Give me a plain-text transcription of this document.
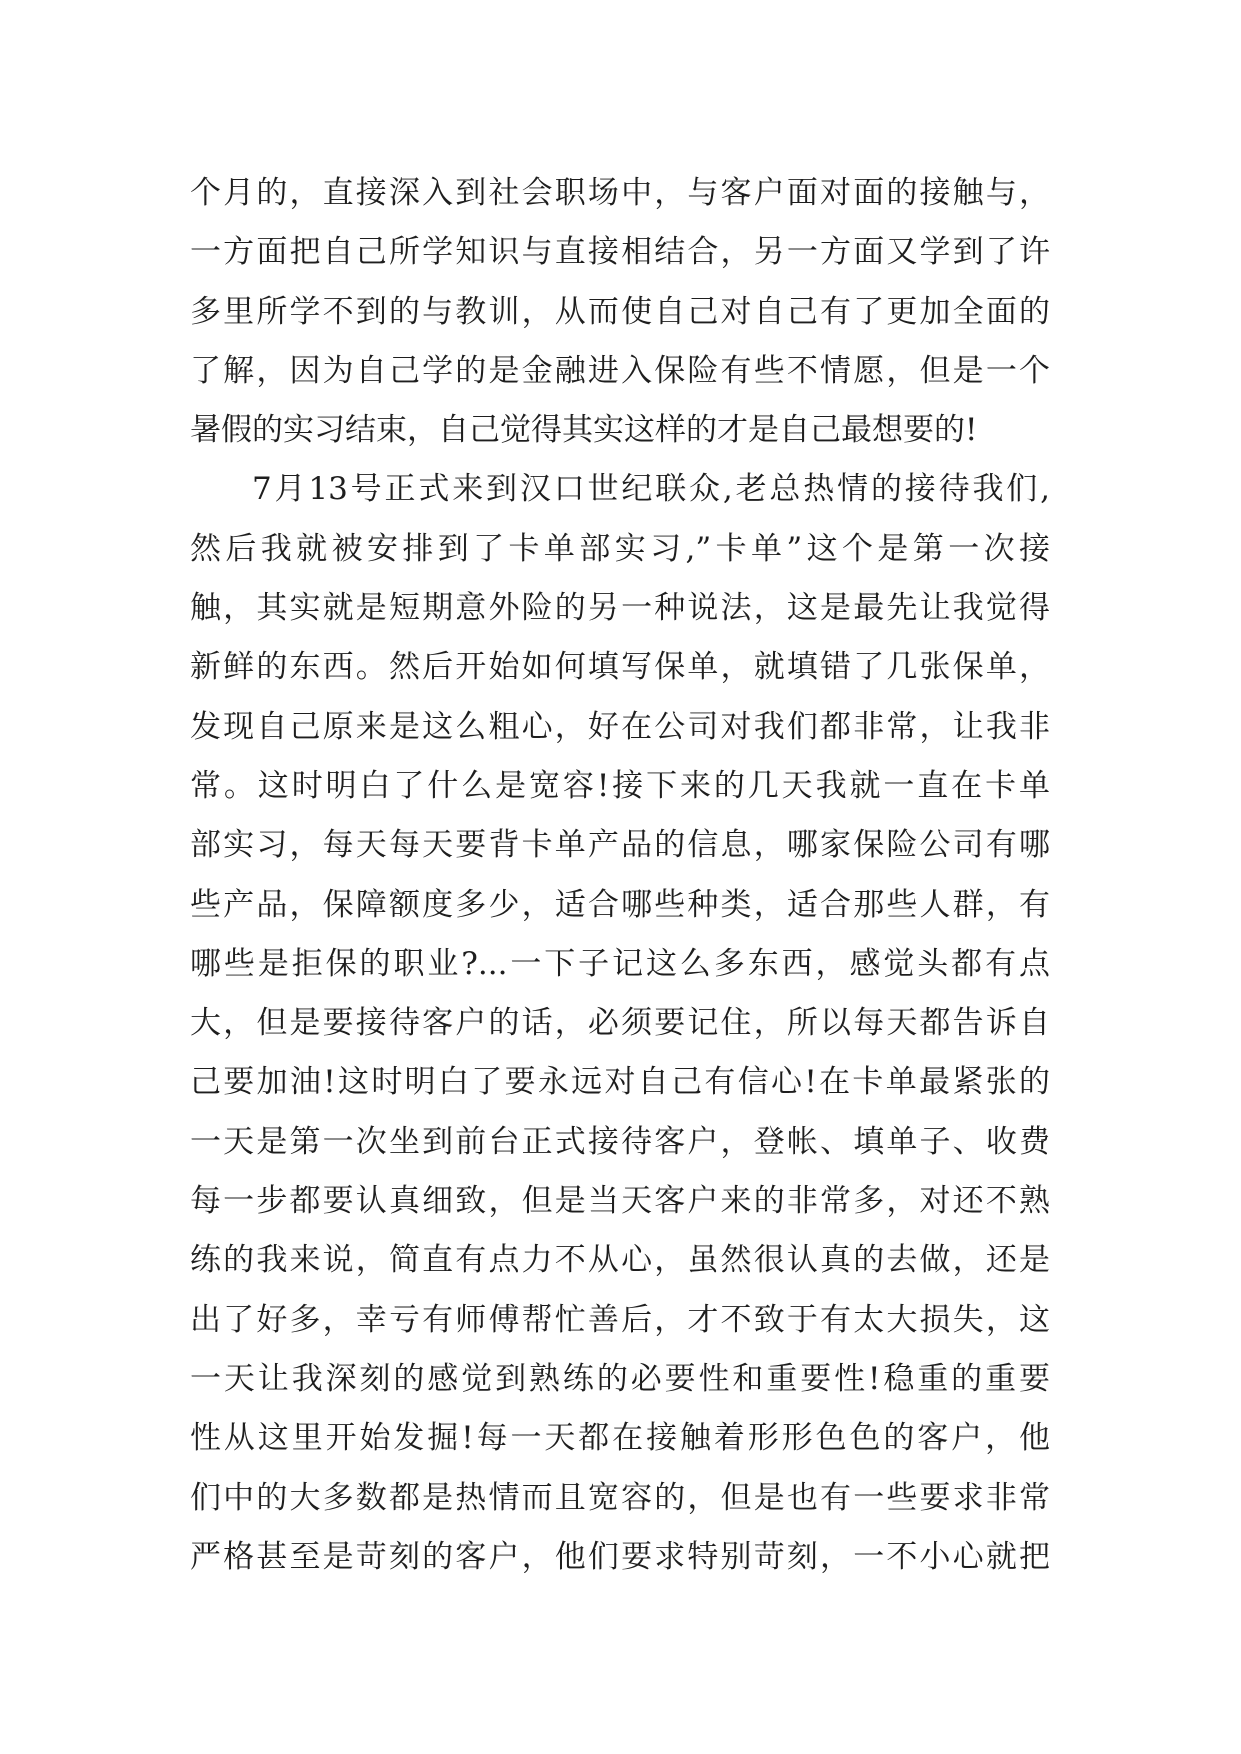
个月的，直接深入到社会职场中，与客户面对面的接触与，
一方面把自己所学知识与直接相结合，另一方面又学到了许
多里所学不到的与教训，从而使自己对自己有了更加全面的
了解，因为自己学的是金融进入保险有些不情愿，但是一个
暑假的实习结束，自己觉得其实这样的才是自己最想要的!
7月13号正式来到汉口世纪联众,老总热情的接待我们,
然后我就被安排到了卡单部实习,”卡单”这个是第一次接
触，其实就是短期意外险的另一种说法，这是最先让我觉得
新鲜的东西。然后开始如何填写保单，就填错了几张保单，
发现自己原来是这么粗心，好在公司对我们都非常，让我非
常。这时明白了什么是宽容!接下来的几天我就一直在卡单
部实习，每天每天要背卡单产品的信息，哪家保险公司有哪
些产品，保障额度多少，适合哪些种类，适合那些人群，有
哪些是拒保的职业?...一下子记这么多东西，感觉头都有点
大，但是要接待客户的话，必须要记住，所以每天都告诉自
己要加油!这时明白了要永远对自己有信心!在卡单最紧张的
一天是第一次坐到前台正式接待客户，登帐、填单子、收费
每一步都要认真细致，但是当天客户来的非常多，对还不熟
练的我来说，简直有点力不从心，虽然很认真的去做，还是
出了好多，幸亏有师傅帮忙善后，才不致于有太大损失，这
一天让我深刻的感觉到熟练的必要性和重要性!稳重的重要
性从这里开始发掘!每一天都在接触着形形色色的客户，他
们中的大多数都是热情而且宽容的，但是也有一些要求非常
严格甚至是苛刻的客户，他们要求特别苛刻，一不小心就把
